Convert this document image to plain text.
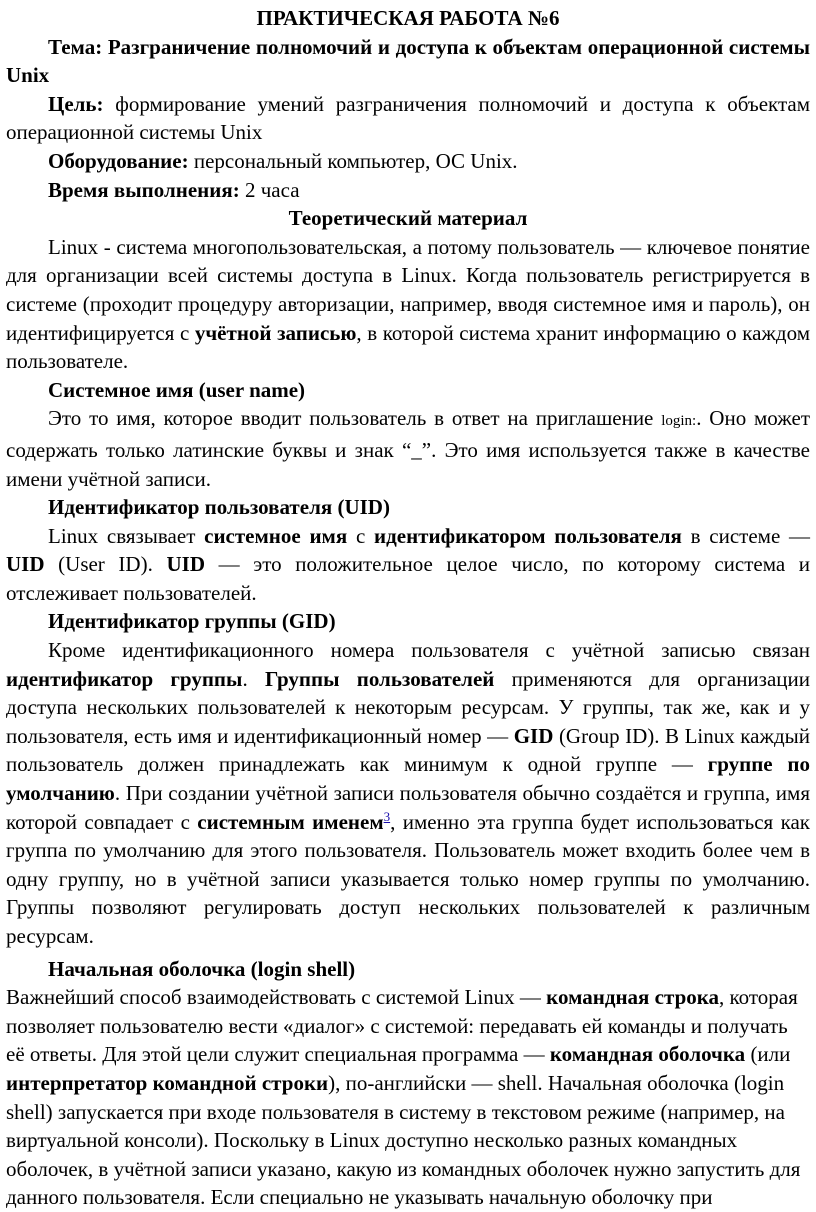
ПРАКТИЧЕСКАЯ РАБОТА №6

Тема: Разграничение полномочий и доступа к объектам операционной системы Unix

Цель: формирование умений разграничения полномочий и доступа к объектам операционной системы Unix

Оборудование: персональный компьютер, ОС Unix.

Время выполнения: 2 часа

Теоретический материал

Linux - система многопользовательская, а потому пользователь — ключевое понятие для организации всей системы доступа в Linux. Когда пользователь регистрируется в системе (проходит процедуру авторизации, например, вводя системное имя и пароль), он идентифицируется с учётной записью, в которой система хранит информацию о каждом пользователе.

Системное имя (user name)

Это то имя, которое вводит пользователь в ответ на приглашение login:. Оно может содержать только латинские буквы и знак “_”. Это имя используется также в качестве имени учётной записи.

Идентификатор пользователя (UID)

Linux связывает системное имя с идентификатором пользователя в системе — UID (User ID). UID — это положительное целое число, по которому система и отслеживает пользователей.

Идентификатор группы (GID)

Кроме идентификационного номера пользователя с учётной записью связан идентификатор группы. Группы пользователей применяются для организации доступа нескольких пользователей к некоторым ресурсам. У группы, так же, как и у пользователя, есть имя и идентификационный номер — GID (Group ID). В Linux каждый пользователь должен принадлежать как минимум к одной группе — группе по умолчанию. При создании учётной записи пользователя обычно создаётся и группа, имя которой совпадает с системным именем$^3$, именно эта группа будет использоваться как группа по умолчанию для этого пользователя. Пользователь может входить более чем в одну группу, но в учётной записи указывается только номер группы по умолчанию. Группы позволяют регулировать доступ нескольких пользователей к различным ресурсам.

Начальная оболочка (login shell)

Важнейший способ взаимодействовать с системой Linux — командная строка, которая позволяет пользователю вести «диалог» с системой: передавать ей команды и получать её ответы. Для этой цели служит специальная программа — командная оболочка (или интерпретатор командной строки), по-английски — shell. Начальная оболочка (login shell) запускается при входе пользователя в систему в текстовом режиме (например, на виртуальной консоли). Поскольку в Linux доступно несколько разных командных оболочек, в учётной записи указано, какую из командных оболочек нужно запустить для данного пользователя. Если специально не указывать начальную оболочку при
